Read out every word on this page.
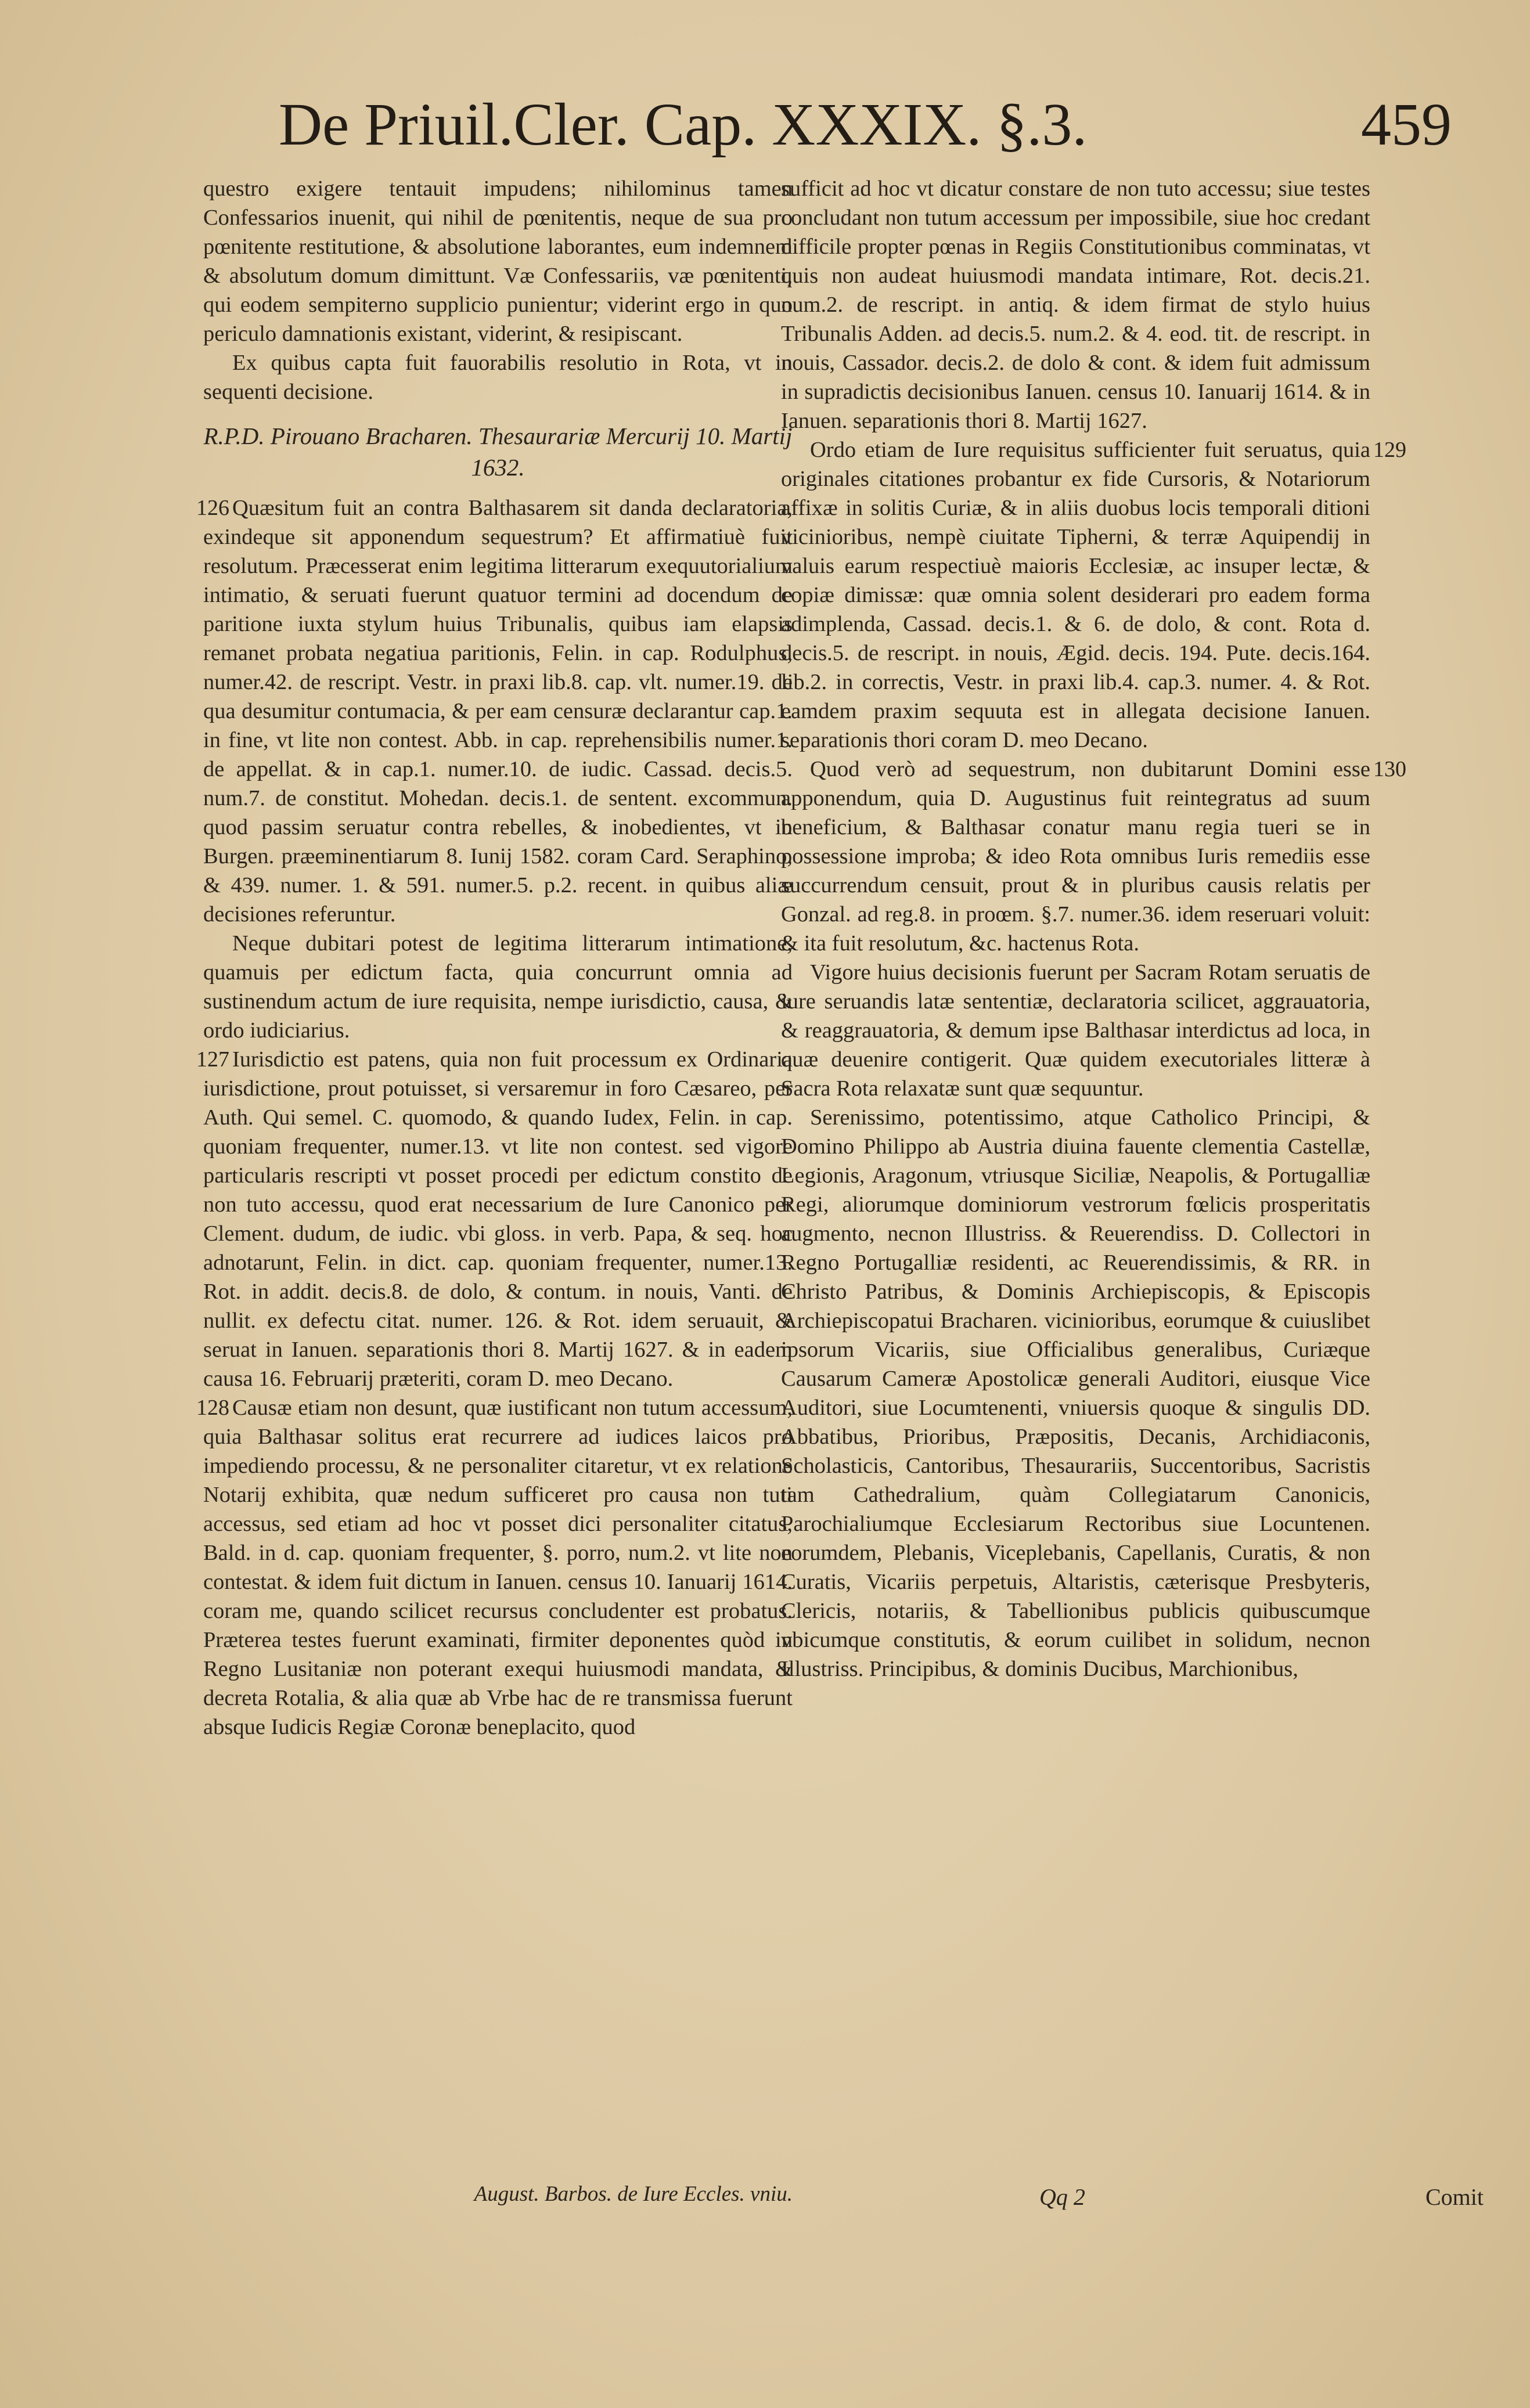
De Priuil.Cler. Cap. XXXIX. §.3.	459

questro exigere tentauit impudens; nihilominus tamen Confessarios inuenit, qui nihil de pœnitentis, neque de sua pro pœnitente restitutione, & absolutione laborantes, eum indemnem & absolutum domum dimittunt. Væ Confessariis, væ pœnitenti, qui eodem sempiterno supplicio punientur; viderint ergo in quo periculo damnationis existant, viderint, & resipiscant.

Ex quibus capta fuit fauorabilis resolutio in Rota, vt in sequenti decisione.

R.P.D. Pirouano Bracharen. Thesaurariæ Mercurij 10. Martij 1632.

126 Quæsitum fuit an contra Balthasarem sit danda declaratoria, exindeque sit apponendum sequestrum? Et affirmatiuè fuit resolutum. Præcesserat enim legitima litterarum exequutorialium intimatio, & seruati fuerunt quatuor termini ad docendum de paritione iuxta stylum huius Tribunalis, quibus iam elapsis remanet probata negatiua paritionis, Felin. in cap. Rodulphus, numer.42. de rescript. Vestr. in praxi lib.8. cap. vlt. numer.19. de qua desumitur contumacia, & per eam censuræ declarantur cap.1. in fine, vt lite non contest. Abb. in cap. reprehensibilis numer.1. de appellat. & in cap.1. numer.10. de iudic. Cassad. decis.5. num.7. de constitut. Mohedan. decis.1. de sentent. excommun. quod passim seruatur contra rebelles, & inobedientes, vt in Burgen. præeminentiarum 8. Iunij 1582. coram Card. Seraphino, & 439. numer. 1. & 591. numer.5. p.2. recent. in quibus aliæ decisiones referuntur.

Neque dubitari potest de legitima litterarum intimatione, quamuis per edictum facta, quia concurrunt omnia ad sustinendum actum de iure requisita, nempe iurisdictio, causa, & ordo iudiciarius.

127 Iurisdictio est patens, quia non fuit processum ex Ordinaria iurisdictione, prout potuisset, si versaremur in foro Cæsareo, per Auth. Qui semel. C. quomodo, & quando Iudex, Felin. in cap. quoniam frequenter, numer.13. vt lite non contest. sed vigore particularis rescripti vt posset procedi per edictum constito de non tuto accessu, quod erat necessarium de Iure Canonico per Clement. dudum, de iudic. vbi gloss. in verb. Papa, & seq. hoc adnotarunt, Felin. in dict. cap. quoniam frequenter, numer.13. Rot. in addit. decis.8. de dolo, & contum. in nouis, Vanti. de nullit. ex defectu citat. numer. 126. & Rot. idem seruauit, & seruat in Ianuen. separationis thori 8. Martij 1627. & in eadem causa 16. Februarij præteriti, coram D. meo Decano.

128 Causæ etiam non desunt, quæ iustificant non tutum accessum, quia Balthasar solitus erat recurrere ad iudices laicos pro impediendo processu, & ne personaliter citaretur, vt ex relatione Notarij exhibita, quæ nedum sufficeret pro causa non tuti accessus, sed etiam ad hoc vt posset dici personaliter citatus, Bald. in d. cap. quoniam frequenter, §. porro, num.2. vt lite non contestat. & idem fuit dictum in Ianuen. census 10. Ianuarij 1614. coram me, quando scilicet recursus concludenter est probatus. Præterea testes fuerunt examinati, firmiter deponentes quòd in Regno Lusitaniæ non poterant exequi huiusmodi mandata, & decreta Rotalia, & alia quæ ab Vrbe hac de re transmissa fuerunt absque Iudicis Regiæ Coronæ beneplacito, quod

August. Barbos. de Iure Eccles. vniu.

sufficit ad hoc vt dicatur constare de non tuto accessu; siue testes concludant non tutum accessum per impossibile, siue hoc credant difficile propter pœnas in Regiis Constitutionibus comminatas, vt quis non audeat huiusmodi mandata intimare, Rot. decis.21. num.2. de rescript. in antiq. & idem firmat de stylo huius Tribunalis Adden. ad decis.5. num.2. & 4. eod. tit. de rescript. in nouis, Cassador. decis.2. de dolo & cont. & idem fuit admissum in supradictis decisionibus Ianuen. census 10. Ianuarij 1614. & in Ianuen. separationis thori 8. Martij 1627.

129
Ordo etiam de Iure requisitus sufficienter fuit seruatus, quia originales citationes probantur ex fide Cursoris, & Notariorum affixæ in solitis Curiæ, & in aliis duobus locis temporali ditioni vicinioribus, nempè ciuitate Tipherni, & terræ Aquipendij in valuis earum respectiuè maioris Ecclesiæ, ac insuper lectæ, & copiæ dimissæ: quæ omnia solent desiderari pro eadem forma adimplenda, Cassad. decis.1. & 6. de dolo, & cont. Rota d. decis.5. de rescript. in nouis, Ægid. decis. 194. Pute. decis.164. lib.2. in correctis, Vestr. in praxi lib.4. cap.3. numer. 4. & Rot. eamdem praxim sequuta est in allegata decisione Ianuen. separationis thori coram D. meo Decano.

130
Quod verò ad sequestrum, non dubitarunt Domini esse apponendum, quia D. Augustinus fuit reintegratus ad suum beneficium, & Balthasar conatur manu regia tueri se in possessione improba; & ideo Rota omnibus Iuris remediis esse succurrendum censuit, prout & in pluribus causis relatis per Gonzal. ad reg.8. in proœm. §.7. numer.36. idem reseruari voluit: & ita fuit resolutum, &c. hactenus Rota.

Vigore huius decisionis fuerunt per Sacram Rotam seruatis de iure seruandis latæ sententiæ, declaratoria scilicet, aggrauatoria, & reaggrauatoria, & demum ipse Balthasar interdictus ad loca, in quæ deuenire contigerit. Quæ quidem executoriales litteræ à Sacra Rota relaxatæ sunt quæ sequuntur.

Serenissimo, potentissimo, atque Catholico Principi, & Domino Philippo ab Austria diuina fauente clementia Castellæ, Legionis, Aragonum, vtriusque Siciliæ, Neapolis, & Portugalliæ Regi, aliorumque dominiorum vestrorum fœlicis prosperitatis augmento, necnon Illustriss. & Reuerendiss. D. Collectori in Regno Portugalliæ residenti, ac Reuerendissimis, & RR. in Christo Patribus, & Dominis Archiepiscopis, & Episcopis Archiepiscopatui Bracharen. vicinioribus, eorumque & cuiuslibet ipsorum Vicariis, siue Officialibus generalibus, Curiæque Causarum Cameræ Apostolicæ generali Auditori, eiusque Vice Auditori, siue Locumtenenti, vniuersis quoque & singulis DD. Abbatibus, Prioribus, Præpositis, Decanis, Archidiaconis, Scholasticis, Cantoribus, Thesaurariis, Succentoribus, Sacristis tam Cathedralium, quàm Collegiatarum Canonicis, Parochialiumque Ecclesiarum Rectoribus siue Locuntenen. eorumdem, Plebanis, Viceplebanis, Capellanis, Curatis, & non Curatis, Vicariis perpetuis, Altaristis, cæterisque Presbyteris, Clericis, notariis, & Tabellionibus publicis quibuscumque vbicumque constitutis, & eorum cuilibet in solidum, necnon Illustriss. Principibus, & dominis Ducibus, Marchionibus,

Qq 2	Comit
